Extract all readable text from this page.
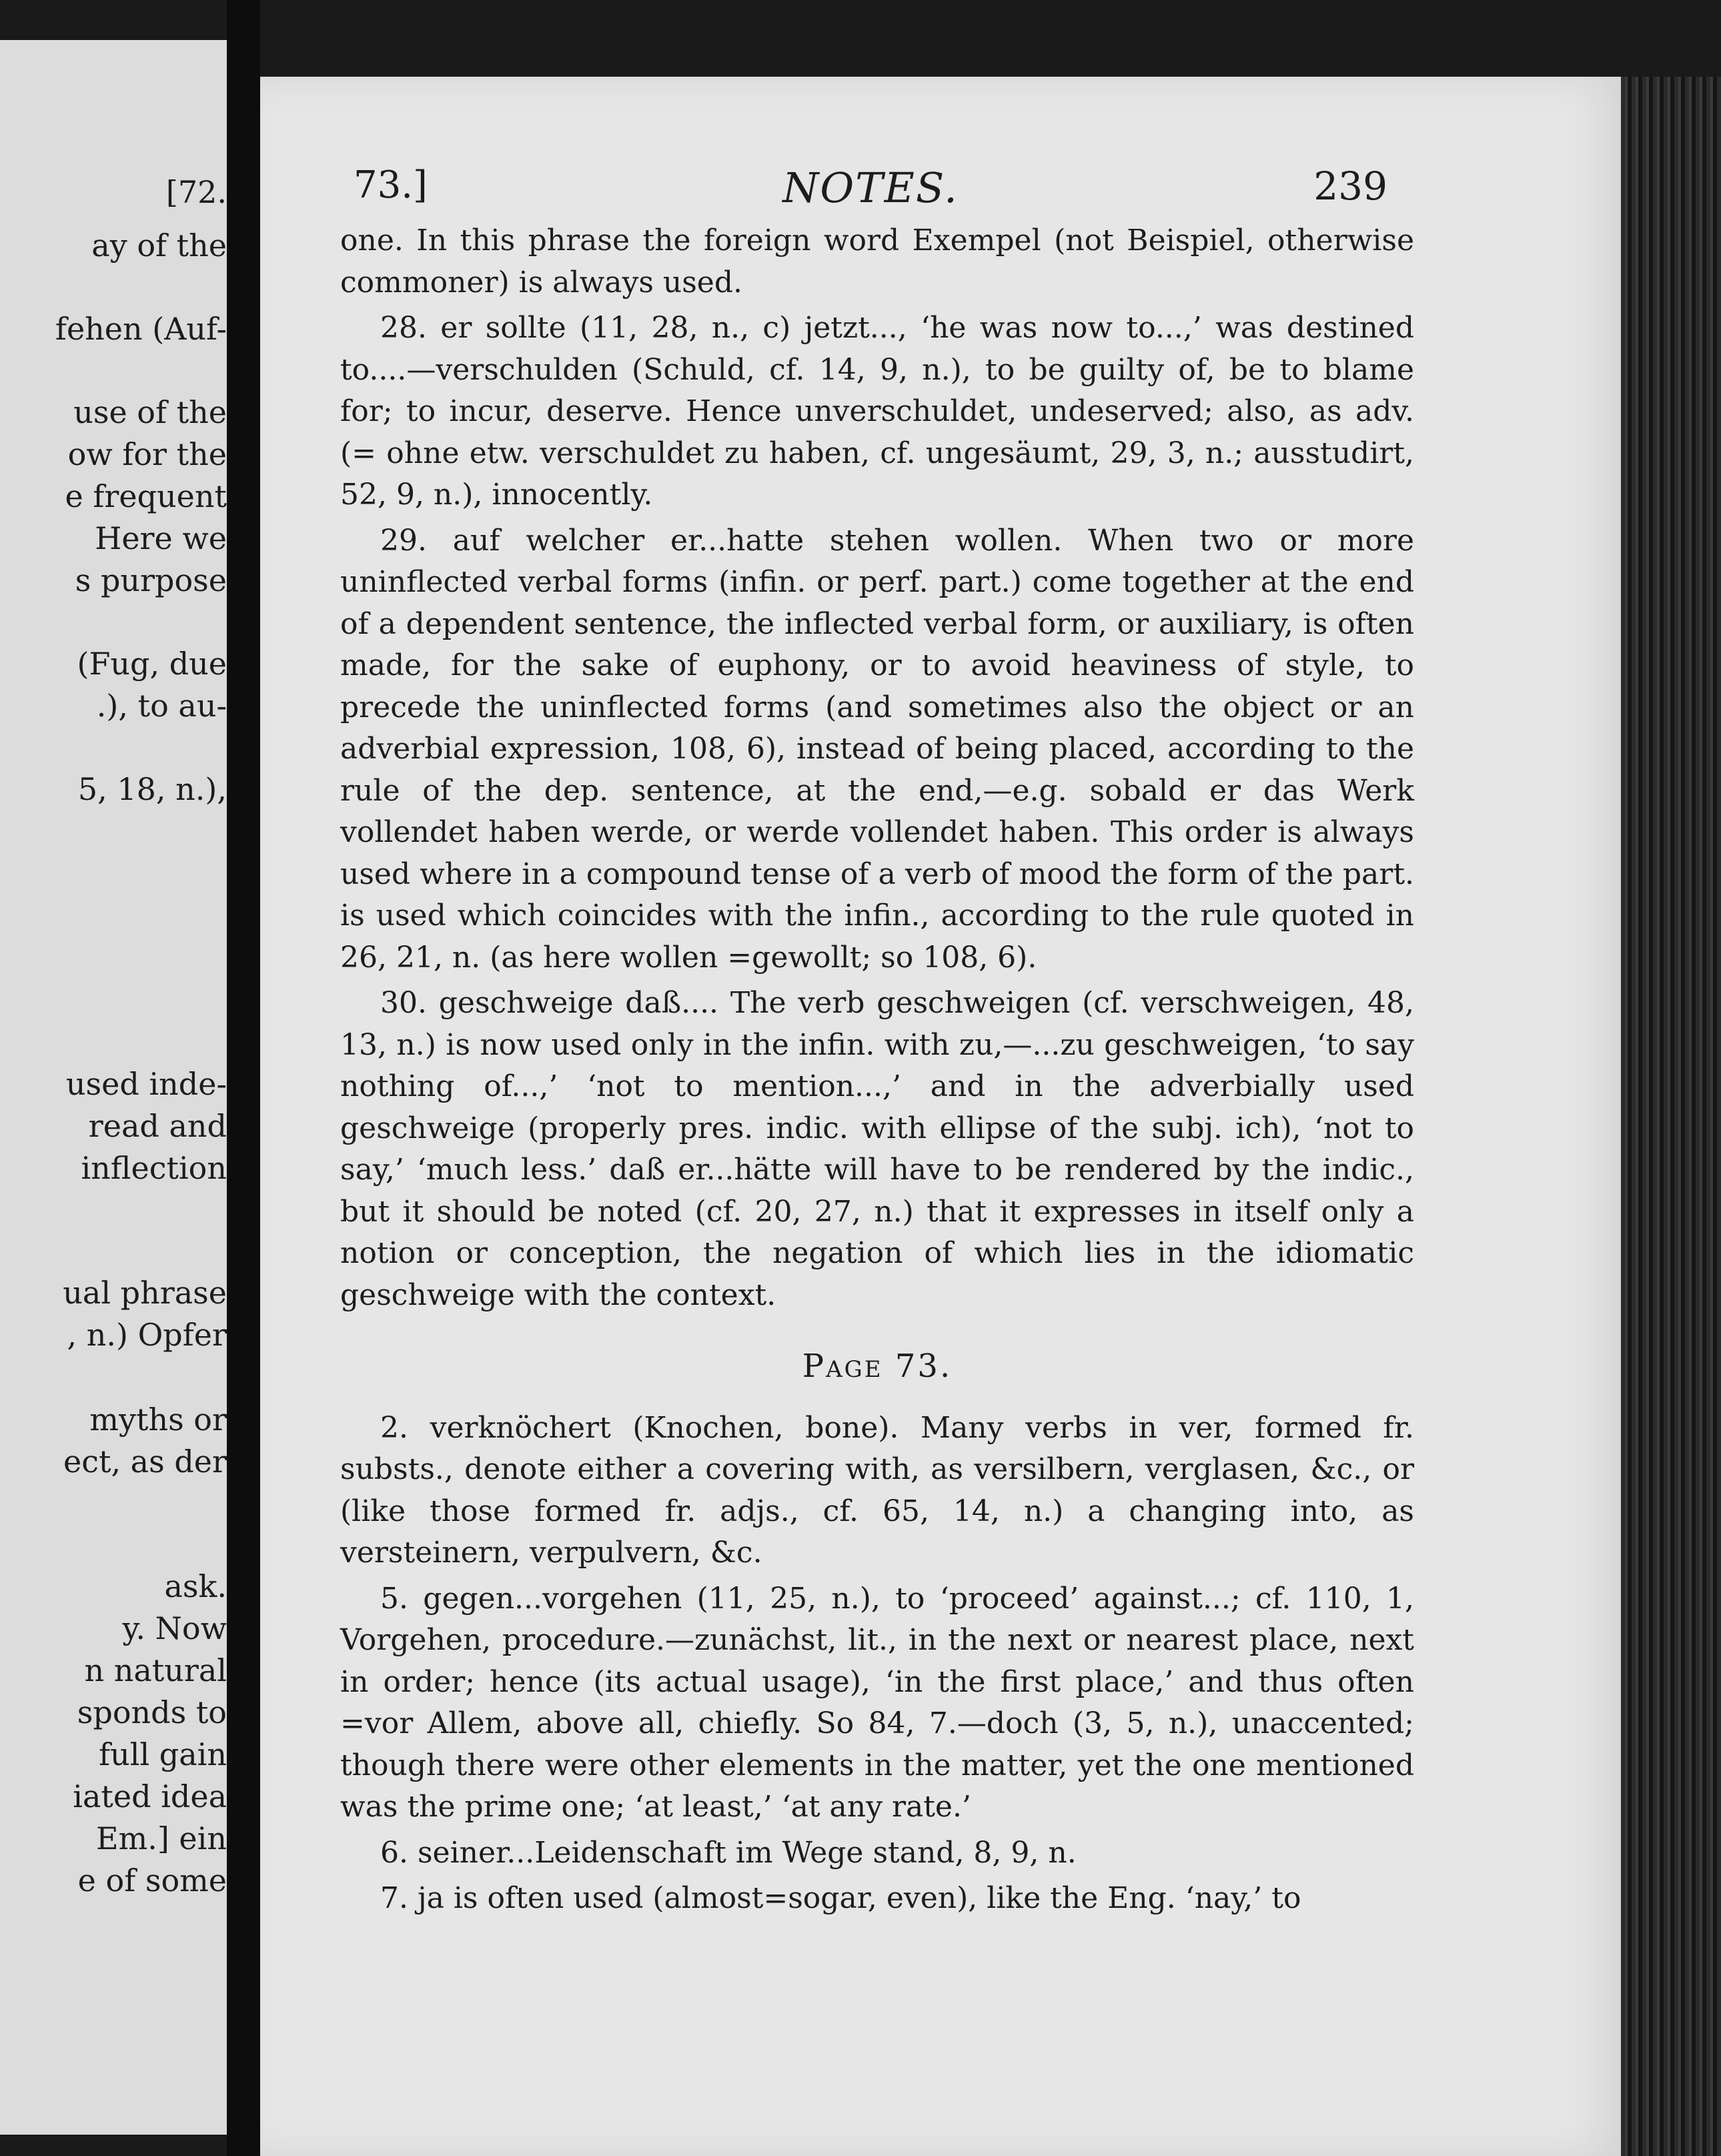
[72.
ay of the
fehen (Auf-
use of the
ow for the
e frequent
Here we
s purpose
(Fug, due
.), to au-
5, 18, n.),
used inde-
read and
inflection
ual phrase
, n.) Opfer
myths or
ect, as der
ask.
y. Now
n natural
sponds to
full gain
iated idea
Em.] ein
e of some
73.]	NOTES.	239

one. In this phrase the foreign word Exempel (not Beispiel, otherwise commoner) is always used.

28. er sollte (11, 28, n., c) jetzt..., ‘he was now to...,’ was destined to....—verschulden (Schuld, cf. 14, 9, n.), to be guilty of, be to blame for; to incur, deserve. Hence unverschuldet, undeserved; also, as adv. (= ohne etw. verschuldet zu haben, cf. ungesäumt, 29, 3, n.; ausstudirt, 52, 9, n.), innocently.

29. auf welcher er...hatte stehen wollen. When two or more uninflected verbal forms (infin. or perf. part.) come together at the end of a dependent sentence, the inflected verbal form, or auxiliary, is often made, for the sake of euphony, or to avoid heaviness of style, to precede the uninflected forms (and sometimes also the object or an adverbial expression, 108, 6), instead of being placed, according to the rule of the dep. sentence, at the end,—e.g. sobald er das Werk vollendet haben werde, or werde vollendet haben. This order is always used where in a compound tense of a verb of mood the form of the part. is used which coincides with the infin., according to the rule quoted in 26, 21, n. (as here wollen =gewollt; so 108, 6).

30. geschweige daß.... The verb geschweigen (cf. verschweigen, 48, 13, n.) is now used only in the infin. with zu,—...zu geschweigen, ‘to say nothing of...,’ ‘not to mention...,’ and in the adverbially used geschweige (properly pres. indic. with ellipse of the subj. ich), ‘not to say,’ ‘much less.’ daß er...hätte will have to be rendered by the indic., but it should be noted (cf. 20, 27, n.) that it expresses in itself only a notion or conception, the negation of which lies in the idiomatic geschweige with the context.

Page 73.

2. verknöchert (Knochen, bone). Many verbs in ver, formed fr. substs., denote either a covering with, as versilbern, verglasen, &c., or (like those formed fr. adjs., cf. 65, 14, n.) a changing into, as versteinern, verpulvern, &c.

5. gegen...vorgehen (11, 25, n.), to ‘proceed’ against...; cf. 110, 1, Vorgehen, procedure.—zunächst, lit., in the next or nearest place, next in order; hence (its actual usage), ‘in the first place,’ and thus often =vor Allem, above all, chiefly. So 84, 7.—doch (3, 5, n.), unaccented; though there were other elements in the matter, yet the one mentioned was the prime one; ‘at least,’ ‘at any rate.’

6. seiner...Leidenschaft im Wege stand, 8, 9, n.

7. ja is often used (almost=sogar, even), like the Eng. ‘nay,’ to
